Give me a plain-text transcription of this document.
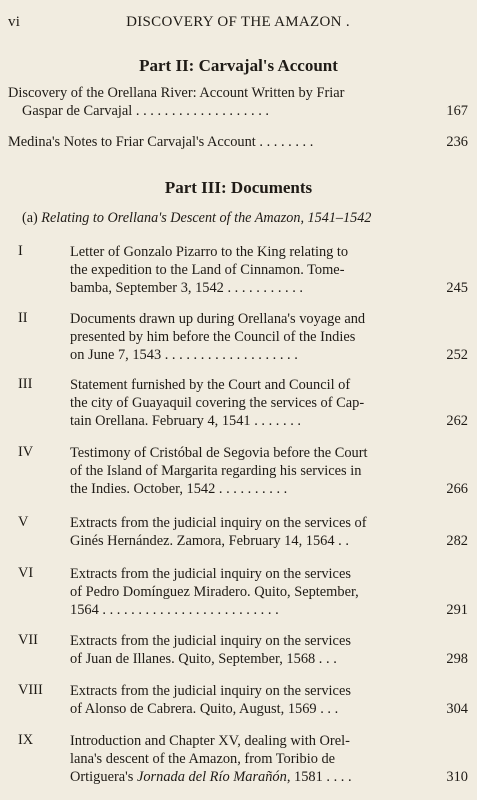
vi	DISCOVERY OF THE AMAZON .
Part II: Carvajal's Account
Discovery of the Orellana River: Account Written by Friar
Gaspar de Carvajal . . . . . . . . . . . . . . . . . . .	167
Medina's Notes to Friar Carvajal's Account . . . . . . . .	236
Part III: Documents
(a) Relating to Orellana's Descent of the Amazon, 1541–1542
I	Letter of Gonzalo Pizarro to the King relating to
the expedition to the Land of Cinnamon. Tome-
bamba, September 3, 1542 . . . . . . . . . . .	245
II	Documents drawn up during Orellana's voyage and
presented by him before the Council of the Indies
on June 7, 1543 . . . . . . . . . . . . . . . . . . .	252
III	Statement furnished by the Court and Council of
the city of Guayaquil covering the services of Cap-
tain Orellana. February 4, 1541 . . . . . . .	262
IV	Testimony of Cristóbal de Segovia before the Court
of the Island of Margarita regarding his services in
the Indies. October, 1542 . . . . . . . . . .	266
V	Extracts from the judicial inquiry on the services of
Ginés Hernández. Zamora, February 14, 1564 . .	282
VI	Extracts from the judicial inquiry on the services
of Pedro Domínguez Miradero. Quito, September,
1564 . . . . . . . . . . . . . . . . . . . . . . . . .	291
VII Extracts from the judicial inquiry on the services
of Juan de Illanes. Quito, September, 1568 . . .	298
VIII Extracts from the judicial inquiry on the services
of Alonso de Cabrera. Quito, August, 1569 . . .	304
IX	Introduction and Chapter XV, dealing with Orel-
lana's descent of the Amazon, from Toribio de
Ortiguera's Jornada del Río Marañón, 1581 . . . .	310
